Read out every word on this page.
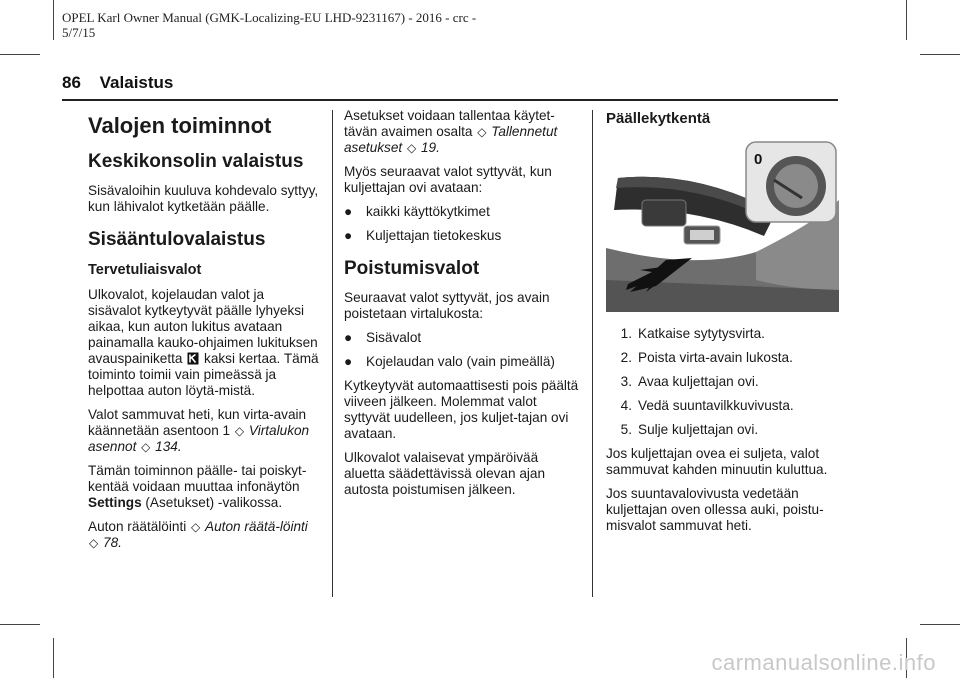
OPEL Karl Owner Manual (GMK-Localizing-EU LHD-9231167) - 2016 - crc -
5/7/15
86 Valaistus
Valojen toiminnot
Keskikonsolin valaistus

Sisävaloihin kuuluva kohdevalo syttyy, kun lähivalot kytketään päälle.

Sisääntulovalaistus
Tervetuliaisvalot

Ulkovalot, kojelaudan valot ja sisävalot kytkeytyvät päälle lyhyeksi aikaa, kun auton lukitus avataan painamalla kauko-ohjaimen lukituksen avauspainiketta kaksi kertaa. Tämä toiminto toimii vain pimeässä ja helpottaa auton löytä-mistä.

Valot sammuvat heti, kun virta-avain käännetään asentoon 1 ◇ Virtalukon asennot ◇ 134.

Tämän toiminnon päälle- tai poiskyt-kentää voidaan muuttaa infonäytön Settings (Asetukset) -valikossa.

Auton räätälöinti ◇ Auton räätä-löinti ◇ 78.

Asetukset voidaan tallentaa käytet-tävän avaimen osalta ◇ Tallennetut asetukset ◇ 19.

Myös seuraavat valot syttyvät, kun kuljettajan ovi avataan:

●	kaikki käyttökytkimet
●	Kuljettajan tietokeskus
Poistumisvalot

Seuraavat valot syttyvät, jos avain poistetaan virtalukosta:

●	Sisävalot
●	Kojelaudan valo (vain pimeällä)

Kytkeytyvät automaattisesti pois päältä viiveen jälkeen. Molemmat valot syttyvät uudelleen, jos kuljet-tajan ovi avataan.

Ulkovalot valaisevat ympäröivää aluetta säädettävissä olevan ajan autosta poistumisen jälkeen.

Päällekytkentä
0
1. Katkaise sytytysvirta.
2. Poista virta-avain lukosta.
3. Avaa kuljettajan ovi.
4. Vedä suuntavilkkuvivusta.
5. Sulje kuljettajan ovi.

Jos kuljettajan ovea ei suljeta, valot sammuvat kahden minuutin kuluttua.

Jos suuntavalovivusta vedetään kuljettajan oven ollessa auki, poistu-misvalot sammuvat heti.

carmanualsonline.info
